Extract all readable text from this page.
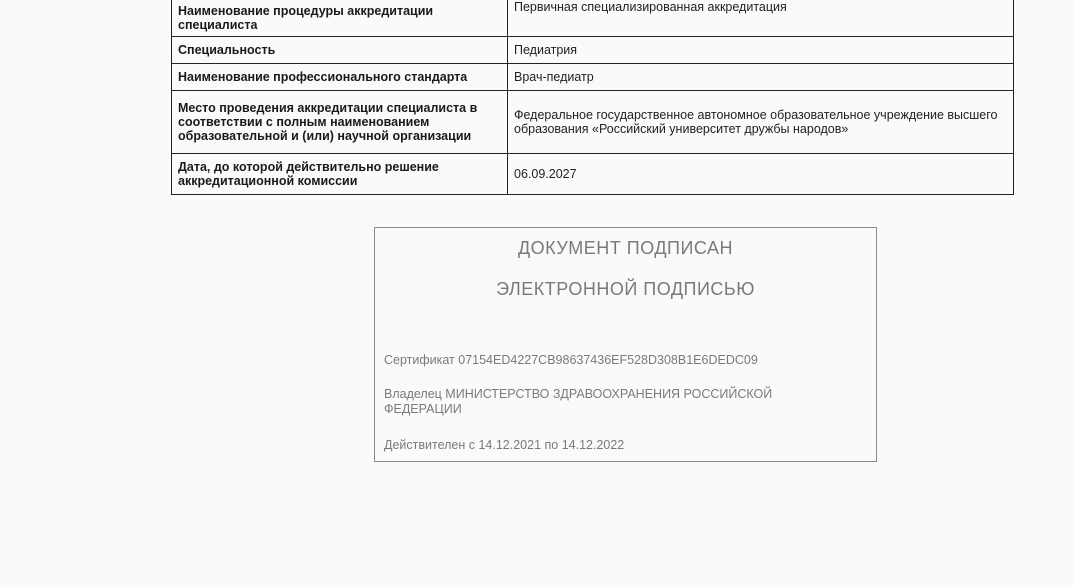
Наименование процедуры аккредитации специалиста	Первичная специализированная аккредитация
Специальность	Педиатрия
Наименование профессионального стандарта	Врач-педиатр
Место проведения аккредитации специалиста в соответствии с полным наименованием образовательной и (или) научной организации	Федеральное государственное автономное образовательное учреждение высшего образования «Российский университет дружбы народов»
Дата, до которой действительно решение аккредитационной комиссии	06.09.2027
ДОКУМЕНТ ПОДПИСАН
ЭЛЕКТРОННОЙ ПОДПИСЬЮ
Сертификат 07154ED4227CB98637436EF528D308B1E6DEDC09
Владелец МИНИСТЕРСТВО ЗДРАВООХРАНЕНИЯ РОССИЙСКОЙ ФЕДЕРАЦИИ
Действителен с 14.12.2021 по 14.12.2022
